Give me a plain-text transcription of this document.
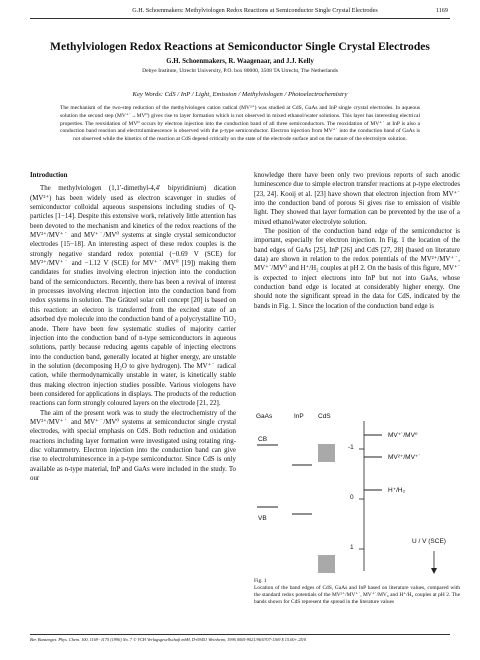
G.H. Schoenmakers: Methylviologen Redox Reactions at Semiconductor Single Crystal Electrodes	1169
Methylviologen Redox Reactions at Semiconductor Single Crystal Electrodes
G.H. Schoenmakers, R. Waagenaar, and J.J. Kelly
Debye Institute, Utrecht University, P.O. box 80000, 3508 TA Utrecht, The Netherlands
Key Words: CdS / InP / Light, Emission / Methylviologen / Photoelectrochemistry
The mechanism of the two-step reduction of the methylviologen cation radical (MV²⁺) was studied at CdS, GaAs and InP single crystal electrodes. In aqueous solution the second step (MV⁺˙→MV⁰) gives rise to layer formation which is not observed in mixed ethanol/water solutions. This layer has interesting electrical properties. The reoxidation of MV⁰ occurs by electron injection into the conduction band of all three semiconductors. The reoxidation of MV⁺˙ at InP is also a conduction band reaction and electroluminescence is observed with the p-type semiconductor. Electron injection from MV⁺˙ into the conduction band of GaAs is not observed while the kinetics of the reaction at CdS depend critically on the state of the electrode surface and on the nature of the electrolyte solution.
Introduction

The methylviologen (1,1′-dimethyl-4,4′ bipyridinium) dication (MV²⁺) has been widely used as electron scavenger in studies of semiconductor colloidal aqueous suspensions including studies of Q-particles [1−14]. Despite this extensive work, relatively little attention has been devoted to the mechanism and kinetics of the redox reactions of the MV²⁺/MV⁺˙ and MV⁺˙/MV⁰ systems at single crystal semiconductor electrodes [15−18]. An interesting aspect of these redox couples is the strongly negative standard redox potential (−0.69 V (SCE) for MV²⁺/MV⁺˙ and −1.12 V (SCE) for MV⁺˙/MV⁰ [19]) making them candidates for studies involving electron injection into the conduction band of the semiconductors. Recently, there has been a revival of interest in processes involving electron injection into the conduction band from redox systems in solution. The Grätzel solar cell concept [20] is based on this reaction: an electron is transferred from the excited state of an adsorbed dye molecule into the conduction band of a polycrystalline TiO₂ anode. There have been few systematic studies of majority carrier injection into the conduction band of n-type semiconductors in aqueous solutions, partly because reducing agents capable of injecting electrons into the conduction band, generally located at higher energy, are unstable in the solution (decomposing H₂O to give hydrogen). The MV⁺˙ radical cation, while thermodynamically unstable in water, is kinetically stable thus making electron injection studies possible. Various viologens have been considered for applications in displays. The products of the reduction reactions can form strongly coloured layers on the electrode [21, 22].

The aim of the present work was to study the electrochemistry of the MV²⁺/MV⁺˙ and MV⁺˙/MV⁰ systems at semiconductor single crystal electrodes, with special emphasis on CdS. Both reduction and oxidation reactions including layer formation were investigated using rotating ring-disc voltammetry. Electron injection into the conduction band can give rise to electroluminescence in a p-type semiconductor. Since CdS is only available as n-type material, InP and GaAs were included in the study. To our

knowledge there have been only two previous reports of such anodic luminescence due to simple electron transfer reactions at p-type electrodes [23, 24]. Kooij et al. [23] have shown that electron injection from MV⁺˙ into the conduction band of porous Si gives rise to emission of visible light. They showed that layer formation can be prevented by the use of a mixed ethanol/water electrolyte solution.

The position of the conduction band edge of the semiconductor is important, especially for electron injection. In Fig. 1 the location of the band edges of GaAs [25], InP [26] and CdS [27, 28] (based on literature data) are shown in relation to the redox potentials of the MV²⁺/MV⁺˙, MV⁺˙/MV⁰ and H⁺/H₂ couples at pH 2. On the basis of this figure, MV⁺˙ is expected to inject electrons into InP but not into GaAs, whose conduction band edge is located at considerably higher energy. One should note the significant spread in the data for CdS, indicated by the bands in Fig. 1. Since the location of the conduction band edge is

GaAs	InP CdS
CB
VB
-1
0
1
MV⁺˙/MV⁰
MV²⁺/MV⁺˙
H⁺/H₂
U / V (SCE)
Fig. 1
Location of the band edges of CdS, GaAs and InP based on literature values, compared with the standard redox potentials of the MV²⁺/MV⁺˙, MV⁺˙/MV₀ and H⁺/H₂ couples at pH 2. The bands shown for CdS represent the spread in the literature values
Ber. Bunsenges. Phys. Chem. 100, 1169−1175 (1996) No. 7 © VCH Verlagsgesellschaft mbH, D-69451 Weinheim, 1996 0005-9021/96/0707-1169 $ 15.00+.25/0
